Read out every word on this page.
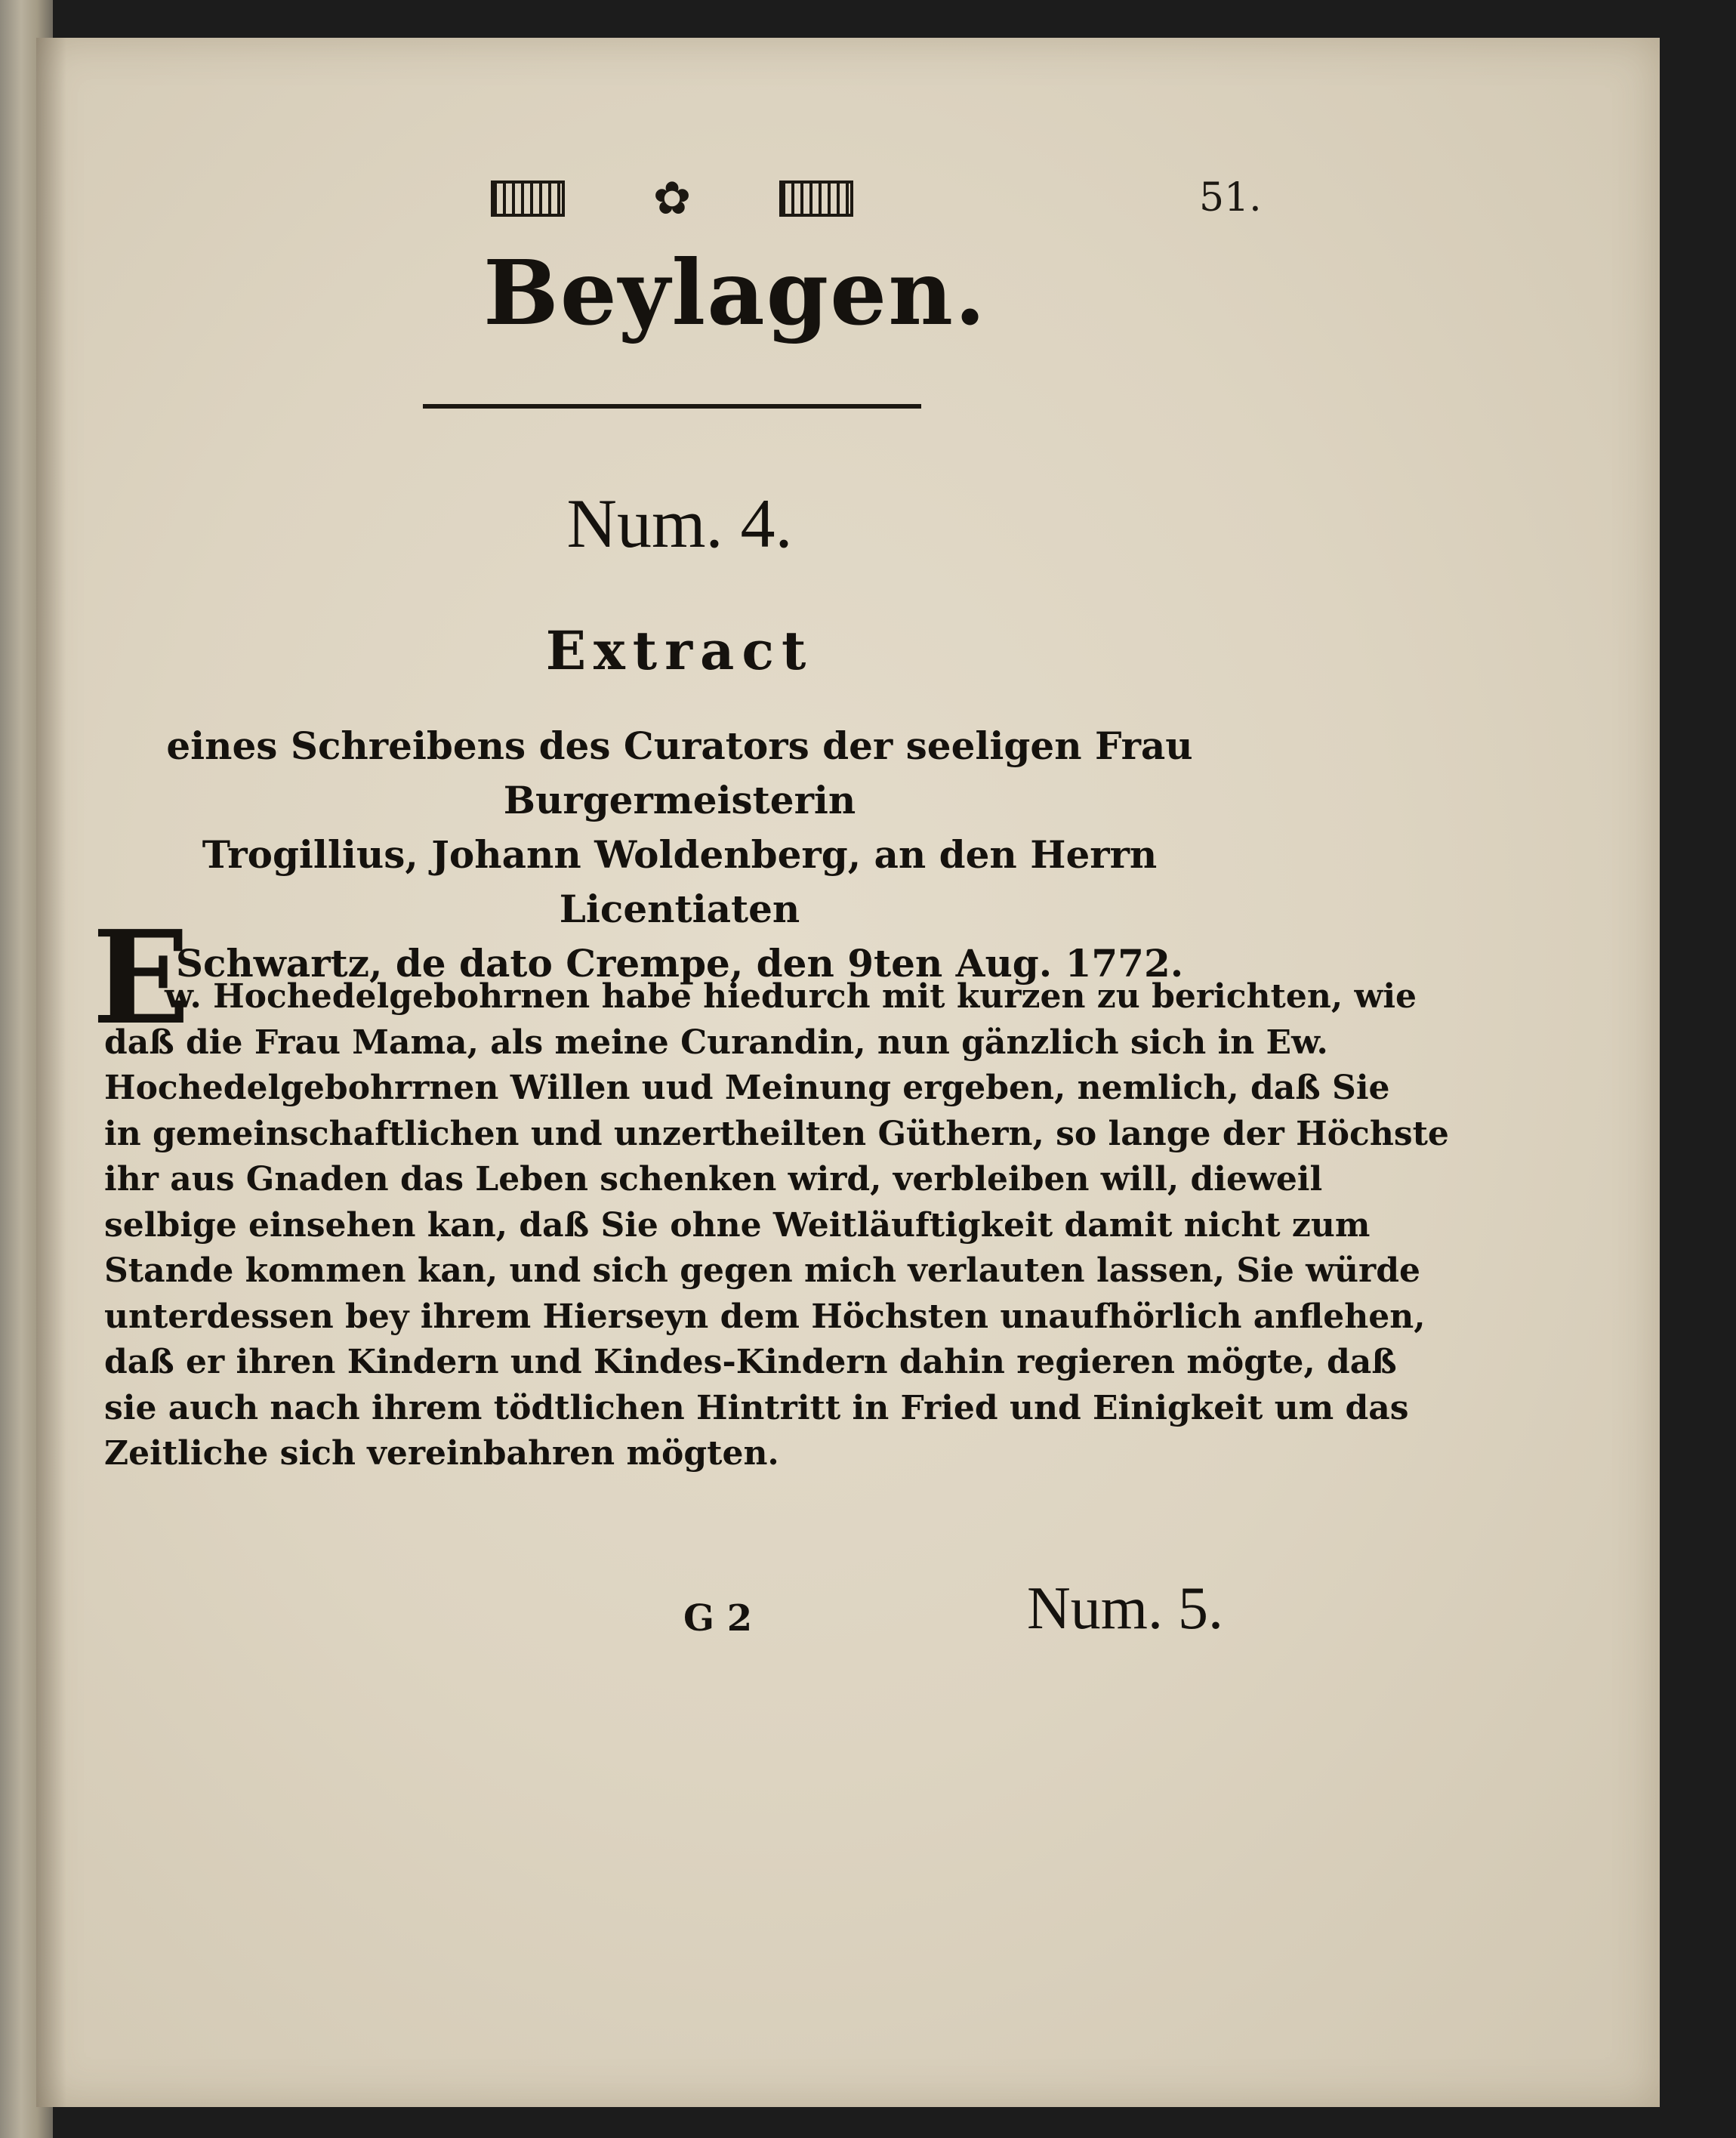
✿	51.
Beylagen.
Num. 4.
Extract
eines Schreibens des Curators der seeligen Frau Burgermeisterin
Trogillius, Johann Woldenberg, an den Herrn Licentiaten
Schwartz, de dato Crempe, den 9ten Aug. 1772.
E
w. Hochedelgebohrnen habe hiedurch mit kurzen zu berichten, wie
daß die Frau Mama, als meine Curandin, nun gänzlich sich in Ew.
Hochedelgebohrrnen Willen uud Meinung ergeben, nemlich, daß Sie
in gemeinschaftlichen und unzertheilten Güthern, so lange der Höchste
ihr aus Gnaden das Leben schenken wird, verbleiben will, dieweil
selbige einsehen kan, daß Sie ohne Weitläuftigkeit damit nicht zum
Stande kommen kan, und sich gegen mich verlauten lassen, Sie würde
unterdessen bey ihrem Hierseyn dem Höchsten unaufhörlich anflehen,
daß er ihren Kindern und Kindes-Kindern dahin regieren mögte, daß
sie auch nach ihrem tödtlichen Hintritt in Fried und Einigkeit um das
Zeitliche sich vereinbahren mögten.
G 2	Num. 5.
